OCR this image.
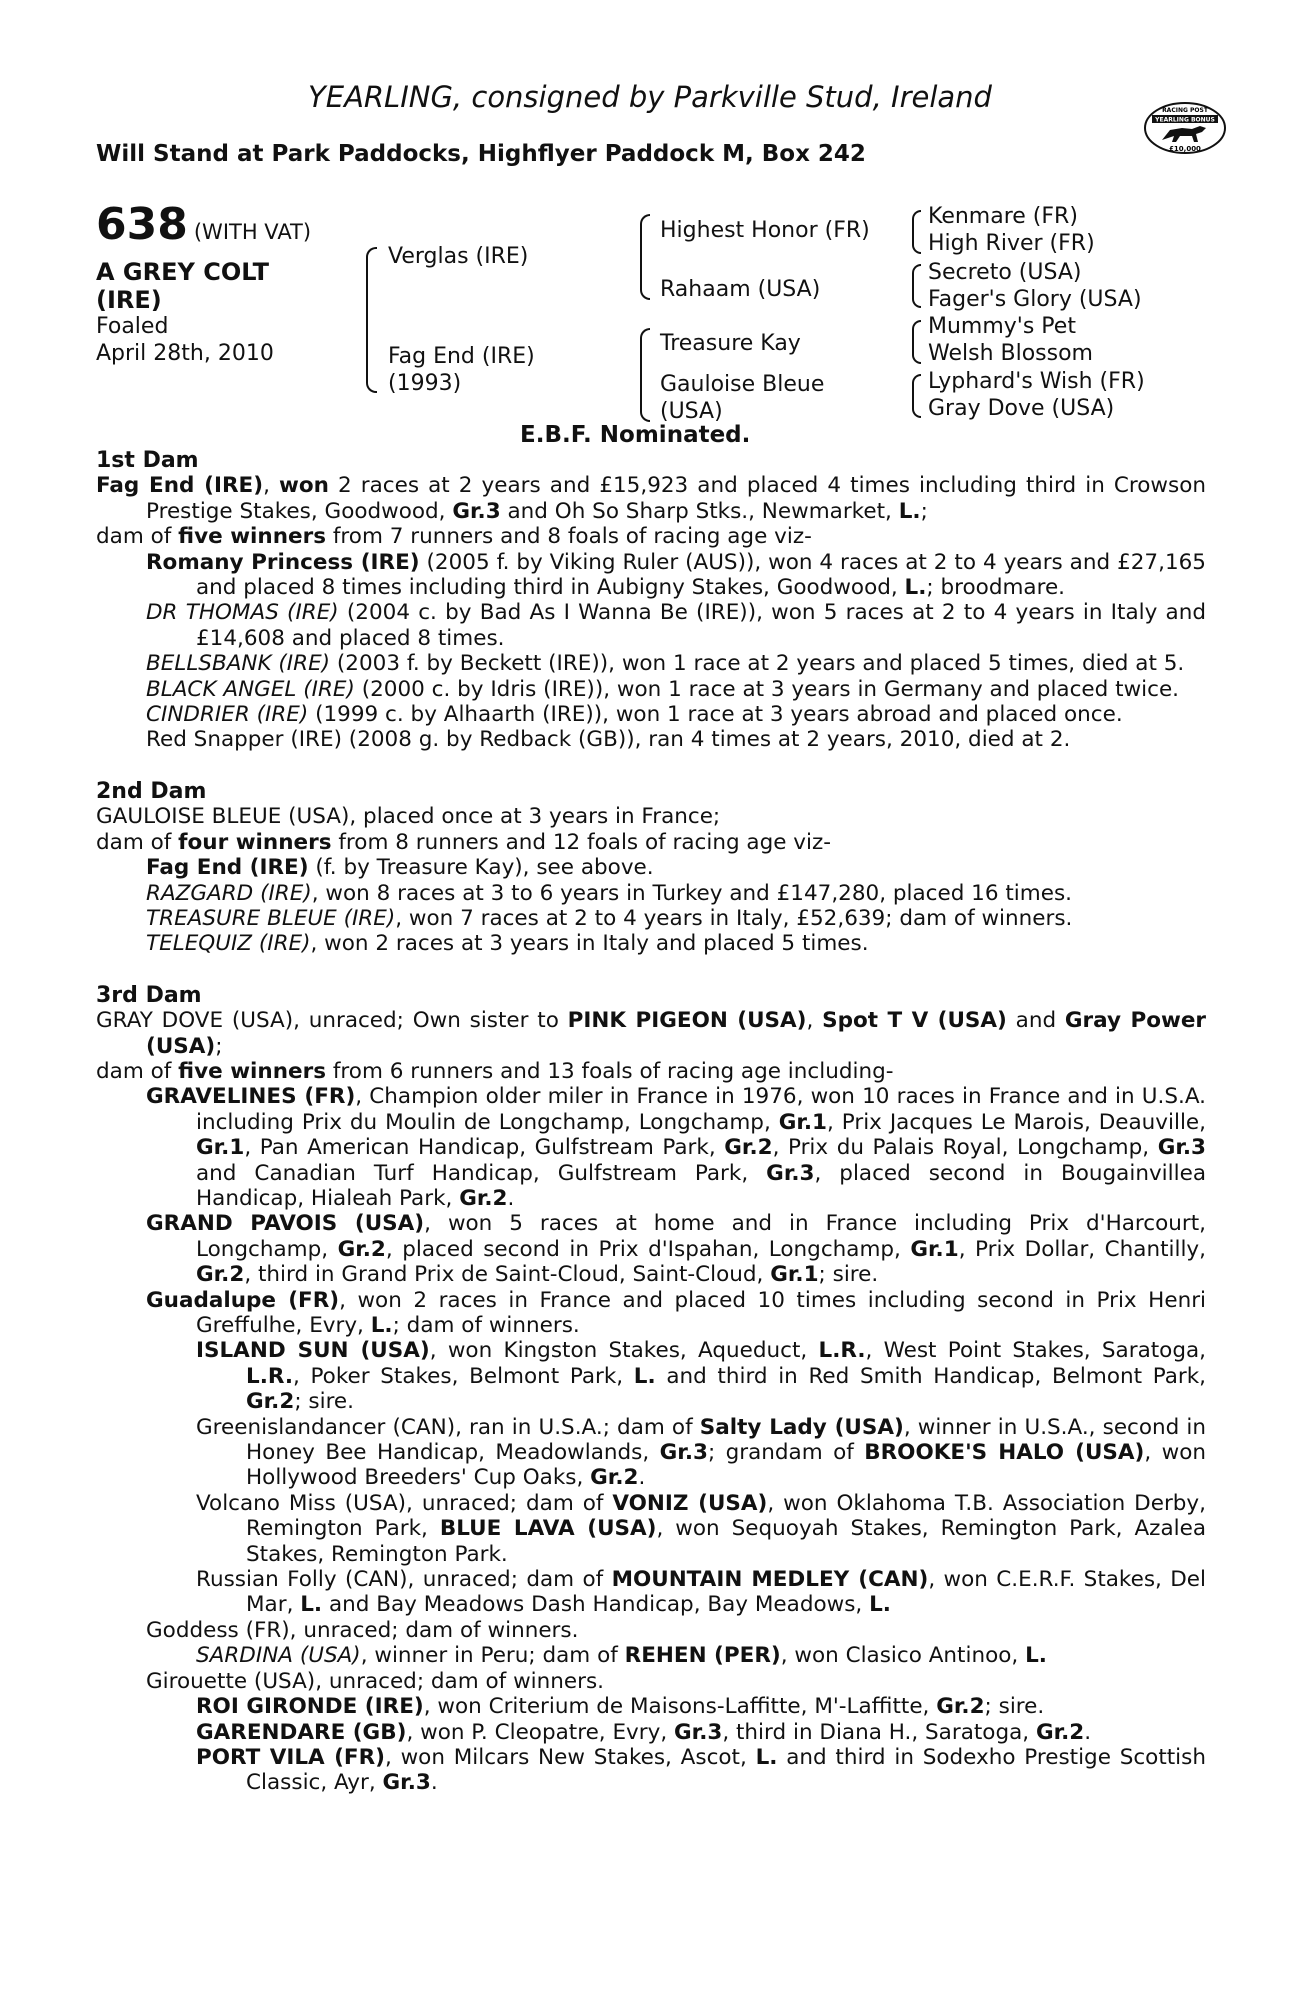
YEARLING, consigned by Parkville Stud, Ireland
Will Stand at Park Paddocks, Highflyer Paddock M, Box 242
RACING POST
YEARLING BONUS
£10,000
638 (WITH VAT)
A GREY COLT
(IRE)
Foaled
April 28th, 2010
Verglas (IRE)
Fag End (IRE)
(1993)
Highest Honor (FR)
Rahaam (USA)
Treasure Kay
Gauloise Bleue
(USA)
Kenmare (FR)
High River (FR)
Secreto (USA)
Fager's Glory (USA)
Mummy's Pet
Welsh Blossom
Lyphard's Wish (FR)
Gray Dove (USA)
E.B.F. Nominated.

1st Dam

Fag End (IRE), won 2 races at 2 years and £15,923 and placed 4 times including third in Crowson Prestige Stakes, Goodwood, Gr.3 and Oh So Sharp Stks., Newmarket, L.;

dam of five winners from 7 runners and 8 foals of racing age viz-

Romany Princess (IRE) (2005 f. by Viking Ruler (AUS)), won 4 races at 2 to 4 years and £27,165 and placed 8 times including third in Aubigny Stakes, Goodwood, L.; broodmare.

DR THOMAS (IRE) (2004 c. by Bad As I Wanna Be (IRE)), won 5 races at 2 to 4 years in Italy and £14,608 and placed 8 times.

BELLSBANK (IRE) (2003 f. by Beckett (IRE)), won 1 race at 2 years and placed 5 times, died at 5.

BLACK ANGEL (IRE) (2000 c. by Idris (IRE)), won 1 race at 3 years in Germany and placed twice.

CINDRIER (IRE) (1999 c. by Alhaarth (IRE)), won 1 race at 3 years abroad and placed once.

Red Snapper (IRE) (2008 g. by Redback (GB)), ran 4 times at 2 years, 2010, died at 2.

2nd Dam

GAULOISE BLEUE (USA), placed once at 3 years in France;

dam of four winners from 8 runners and 12 foals of racing age viz-

Fag End (IRE) (f. by Treasure Kay), see above.

RAZGARD (IRE), won 8 races at 3 to 6 years in Turkey and £147,280, placed 16 times.

TREASURE BLEUE (IRE), won 7 races at 2 to 4 years in Italy, £52,639; dam of winners.

TELEQUIZ (IRE), won 2 races at 3 years in Italy and placed 5 times.

3rd Dam

GRAY DOVE (USA), unraced; Own sister to PINK PIGEON (USA), Spot T V (USA) and Gray Power (USA);

dam of five winners from 6 runners and 13 foals of racing age including-

GRAVELINES (FR), Champion older miler in France in 1976, won 10 races in France and in U.S.A. including Prix du Moulin de Longchamp, Longchamp, Gr.1, Prix Jacques Le Marois, Deauville, Gr.1, Pan American Handicap, Gulfstream Park, Gr.2, Prix du Palais Royal, Longchamp, Gr.3 and Canadian Turf Handicap, Gulfstream Park, Gr.3, placed second in Bougainvillea Handicap, Hialeah Park, Gr.2.

GRAND PAVOIS (USA), won 5 races at home and in France including Prix d'Harcourt, Longchamp, Gr.2, placed second in Prix d'Ispahan, Longchamp, Gr.1, Prix Dollar, Chantilly, Gr.2, third in Grand Prix de Saint-Cloud, Saint-Cloud, Gr.1; sire.

Guadalupe (FR), won 2 races in France and placed 10 times including second in Prix Henri Greffulhe, Evry, L.; dam of winners.

ISLAND SUN (USA), won Kingston Stakes, Aqueduct, L.R., West Point Stakes, Saratoga, L.R., Poker Stakes, Belmont Park, L. and third in Red Smith Handicap, Belmont Park, Gr.2; sire.

Greenislandancer (CAN), ran in U.S.A.; dam of Salty Lady (USA), winner in U.S.A., second in Honey Bee Handicap, Meadowlands, Gr.3; grandam of BROOKE'S HALO (USA), won Hollywood Breeders' Cup Oaks, Gr.2.

Volcano Miss (USA), unraced; dam of VONIZ (USA), won Oklahoma T.B. Association Derby, Remington Park, BLUE LAVA (USA), won Sequoyah Stakes, Remington Park, Azalea Stakes, Remington Park.

Russian Folly (CAN), unraced; dam of MOUNTAIN MEDLEY (CAN), won C.E.R.F. Stakes, Del Mar, L. and Bay Meadows Dash Handicap, Bay Meadows, L.

Goddess (FR), unraced; dam of winners.

SARDINA (USA), winner in Peru; dam of REHEN (PER), won Clasico Antinoo, L.

Girouette (USA), unraced; dam of winners.

ROI GIRONDE (IRE), won Criterium de Maisons-Laffitte, M'-Laffitte, Gr.2; sire.

GARENDARE (GB), won P. Cleopatre, Evry, Gr.3, third in Diana H., Saratoga, Gr.2.

PORT VILA (FR), won Milcars New Stakes, Ascot, L. and third in Sodexho Prestige Scottish Classic, Ayr, Gr.3.
